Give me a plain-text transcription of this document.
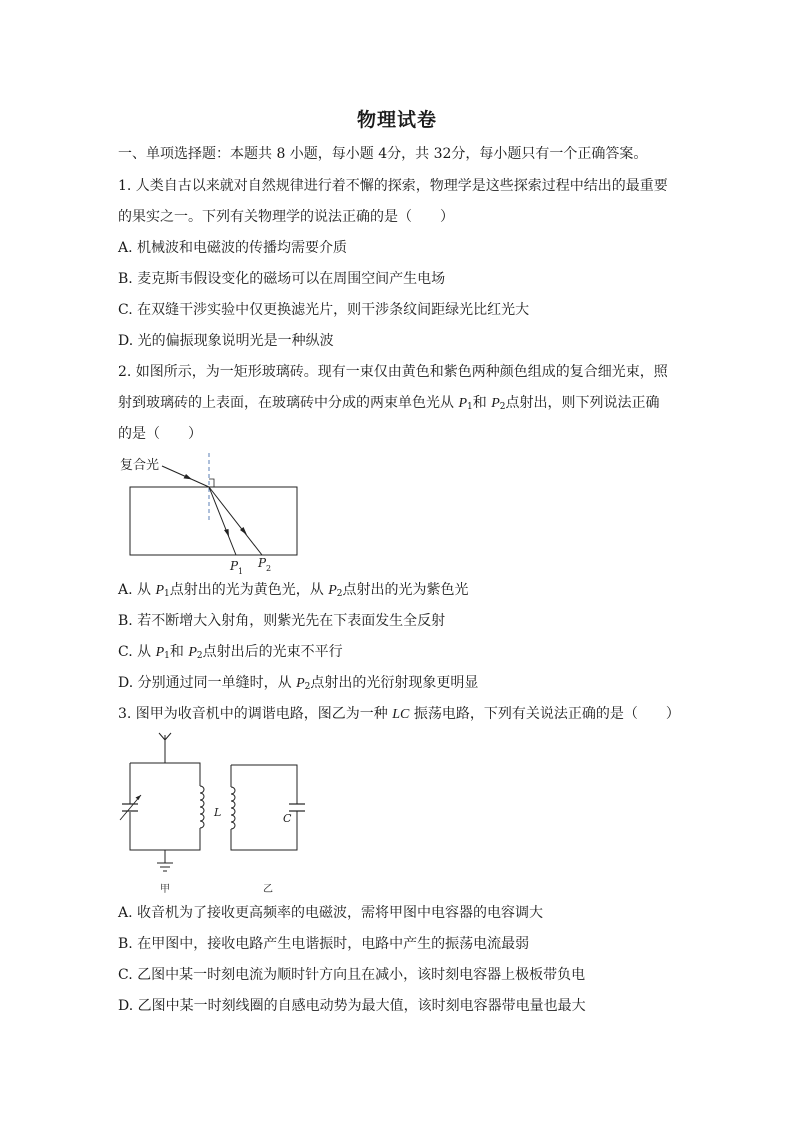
物理试卷
一、单项选择题：本题共 8 小题，每小题 4分，共 32分，每小题只有一个正确答案。
1. 人类自古以来就对自然规律进行着不懈的探索，物理学是这些探索过程中结出的最重要
的果实之一。下列有关物理学的说法正确的是（　　）
A. 机械波和电磁波的传播均需要介质
B. 麦克斯韦假设变化的磁场可以在周围空间产生电场
C. 在双缝干涉实验中仅更换滤光片，则干涉条纹间距绿光比红光大
D. 光的偏振现象说明光是一种纵波
2. 如图所示，为一矩形玻璃砖。现有一束仅由黄色和紫色两种颜色组成的复合细光束，照
射到玻璃砖的上表面，在玻璃砖中分成的两束单色光从 $P_1$和 $P_2$点射出，则下列说法正确
的是（　　）
复合光
P 1
P 2
A. 从 $P_1$点射出的光为黄色光，从 $P_2$点射出的光为紫色光
B. 若不断增大入射角，则紫光先在下表面发生全反射
C. 从 $P_1$和 $P_2$点射出后的光束不平行
D. 分别通过同一单缝时，从 $P_2$点射出的光衍射现象更明显
3. 图甲为收音机中的调谐电路，图乙为一种 LC 振荡电路，下列有关说法正确的是（　　）
甲
L	C
乙
A. 收音机为了接收更高频率的电磁波，需将甲图中电容器的电容调大
B. 在甲图中，接收电路产生电谐振时，电路中产生的振荡电流最弱
C. 乙图中某一时刻电流为顺时针方向且在减小，该时刻电容器上极板带负电
D. 乙图中某一时刻线圈的自感电动势为最大值，该时刻电容器带电量也最大
